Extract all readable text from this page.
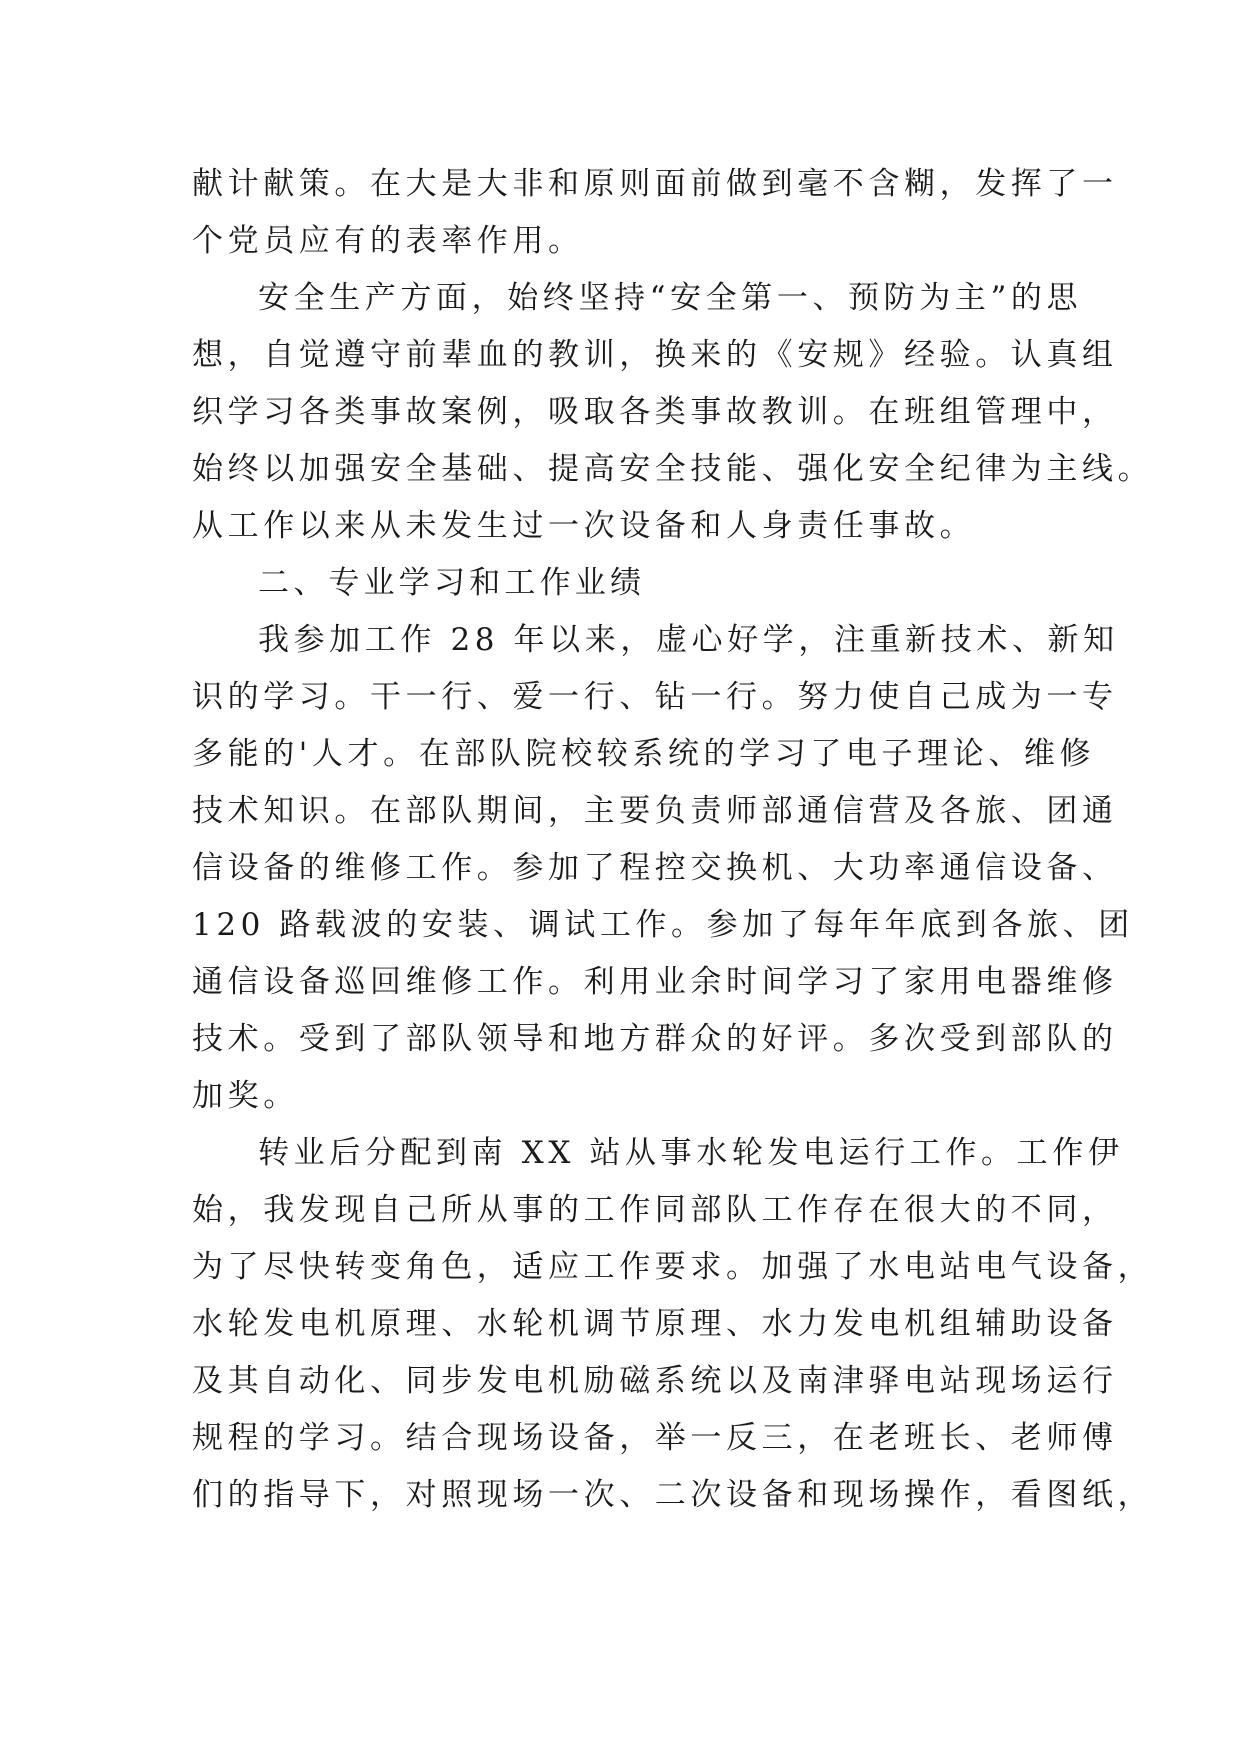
献计献策。在大是大非和原则面前做到毫不含糊，发挥了一
个党员应有的表率作用。
安全生产方面，始终坚持“安全第一、预防为主”的思
想，自觉遵守前辈血的教训，换来的《安规》经验。认真组
织学习各类事故案例，吸取各类事故教训。在班组管理中，
始终以加强安全基础、提高安全技能、强化安全纪律为主线。
从工作以来从未发生过一次设备和人身责任事故。
二、专业学习和工作业绩
我参加工作 28 年以来，虚心好学，注重新技术、新知
识的学习。干一行、爱一行、钻一行。努力使自己成为一专
多能的'人才。在部队院校较系统的学习了电子理论、维修
技术知识。在部队期间，主要负责师部通信营及各旅、团通
信设备的维修工作。参加了程控交换机、大功率通信设备、
120 路载波的安装、调试工作。参加了每年年底到各旅、团
通信设备巡回维修工作。利用业余时间学习了家用电器维修
技术。受到了部队领导和地方群众的好评。多次受到部队的
加奖。
转业后分配到南 XX 站从事水轮发电运行工作。工作伊
始，我发现自己所从事的工作同部队工作存在很大的不同，
为了尽快转变角色，适应工作要求。加强了水电站电气设备，
水轮发电机原理、水轮机调节原理、水力发电机组辅助设备
及其自动化、同步发电机励磁系统以及南津驿电站现场运行
规程的学习。结合现场设备，举一反三，在老班长、老师傅
们的指导下，对照现场一次、二次设备和现场操作，看图纸，
